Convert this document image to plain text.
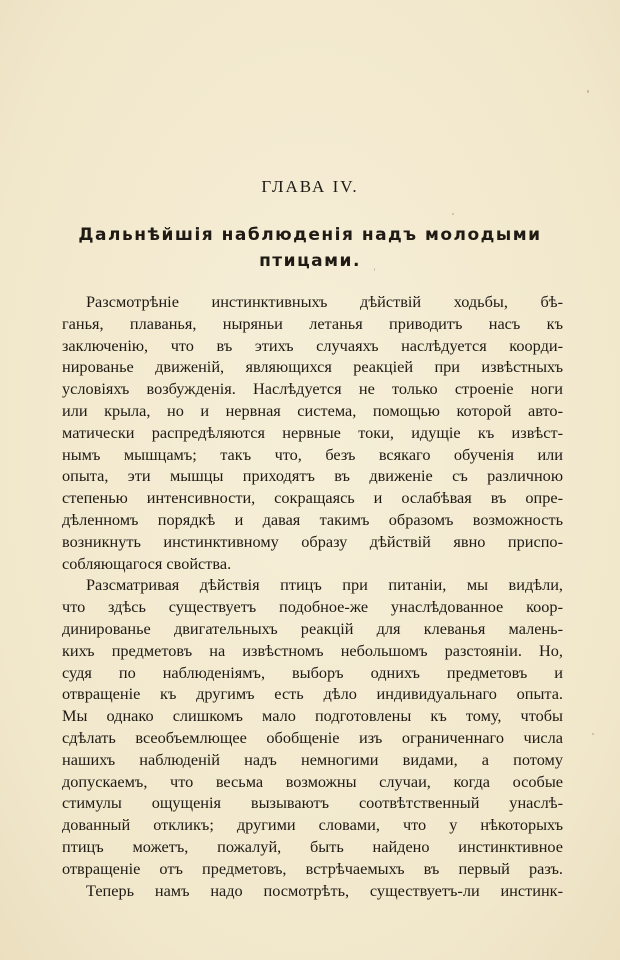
ГЛАВА IV.
Дальнѣйшія наблюденія надъ молодыми
птицами.
Разсмотрѣніе инстинктивныхъ дѣйствій ходьбы, бѣ-
ганья, плаванья, ныряньи летанья приводитъ насъ къ
заключенію, что въ этихъ случаяхъ наслѣдуется коорди-
нированье движеній, являющихся реакціей при извѣстныхъ
условіяхъ возбужденія. Наслѣдуется не только строеніе ноги
или крыла, но и нервная система, помощью которой авто-
матически распредѣляются нервные токи, идущіе къ извѣст-
нымъ мышцамъ; такъ что, безъ всякаго обученія или
опыта, эти мышцы приходятъ въ движеніе съ различною
степенью интенсивности, сокращаясь и ослабѣвая въ опре-
дѣленномъ порядкѣ и давая такимъ образомъ возможность
возникнуть инстинктивному образу дѣйствій явно приспо-
собляющагося свойства.
Разсматривая дѣйствія птицъ при питаніи, мы видѣли,
что здѣсь существуетъ подобное-же унаслѣдованное коор-
динированье двигательныхъ реакцій для клеванья малень-
кихъ предметовъ на извѣстномъ небольшомъ разстояніи. Но,
судя по наблюденіямъ, выборъ однихъ предметовъ и
отвращеніе къ другимъ есть дѣло индивидуальнаго опыта.
Мы однако слишкомъ мало подготовлены къ тому, чтобы
сдѣлать всеобъемлющее обобщеніе изъ ограниченнаго числа
нашихъ наблюденій надъ немногими видами, а потому
допускаемъ, что весьма возможны случаи, когда особые
стимулы ощущенія вызываютъ соотвѣтственный унаслѣ-
дованный откликъ; другими словами, что у нѣкоторыхъ
птицъ можетъ, пожалуй, быть найдено инстинктивное
отвращеніе отъ предметовъ, встрѣчаемыхъ въ первый разъ.
Теперь намъ надо посмотрѣть, существуетъ-ли инстинк-
